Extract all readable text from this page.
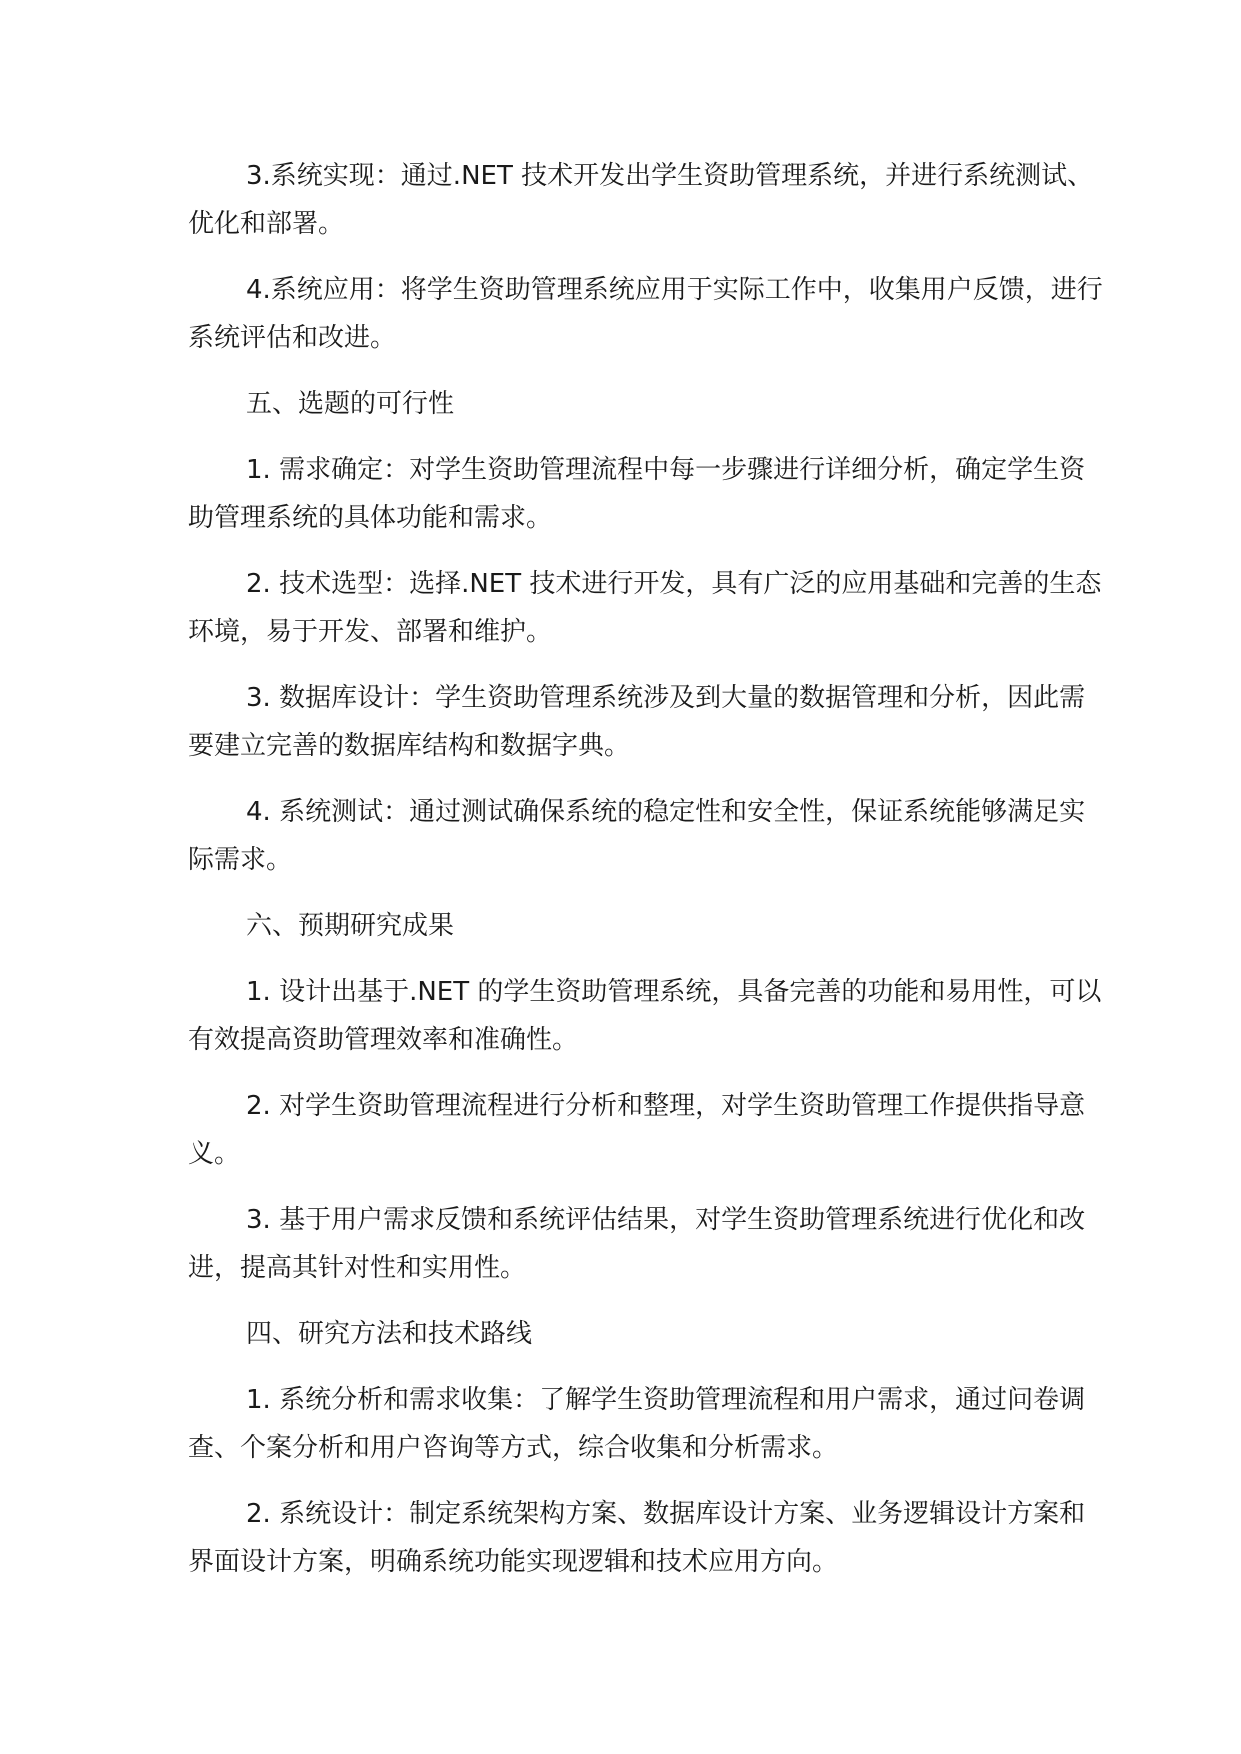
3.系统实现：通过.NET 技术开发出学生资助管理系统，并进行系统测试、优化和部署。

4.系统应用：将学生资助管理系统应用于实际工作中，收集用户反馈，进行系统评估和改进。

五、选题的可行性

1. 需求确定：对学生资助管理流程中每一步骤进行详细分析，确定学生资助管理系统的具体功能和需求。

2. 技术选型：选择.NET 技术进行开发，具有广泛的应用基础和完善的生态环境，易于开发、部署和维护。

3. 数据库设计：学生资助管理系统涉及到大量的数据管理和分析，因此需要建立完善的数据库结构和数据字典。

4. 系统测试：通过测试确保系统的稳定性和安全性，保证系统能够满足实际需求。

六、预期研究成果

1. 设计出基于.NET 的学生资助管理系统，具备完善的功能和易用性，可以有效提高资助管理效率和准确性。

2. 对学生资助管理流程进行分析和整理，对学生资助管理工作提供指导意义。

3. 基于用户需求反馈和系统评估结果，对学生资助管理系统进行优化和改进，提高其针对性和实用性。

四、研究方法和技术路线

1. 系统分析和需求收集：了解学生资助管理流程和用户需求，通过问卷调查、个案分析和用户咨询等方式，综合收集和分析需求。

2. 系统设计：制定系统架构方案、数据库设计方案、业务逻辑设计方案和界面设计方案，明确系统功能实现逻辑和技术应用方向。
